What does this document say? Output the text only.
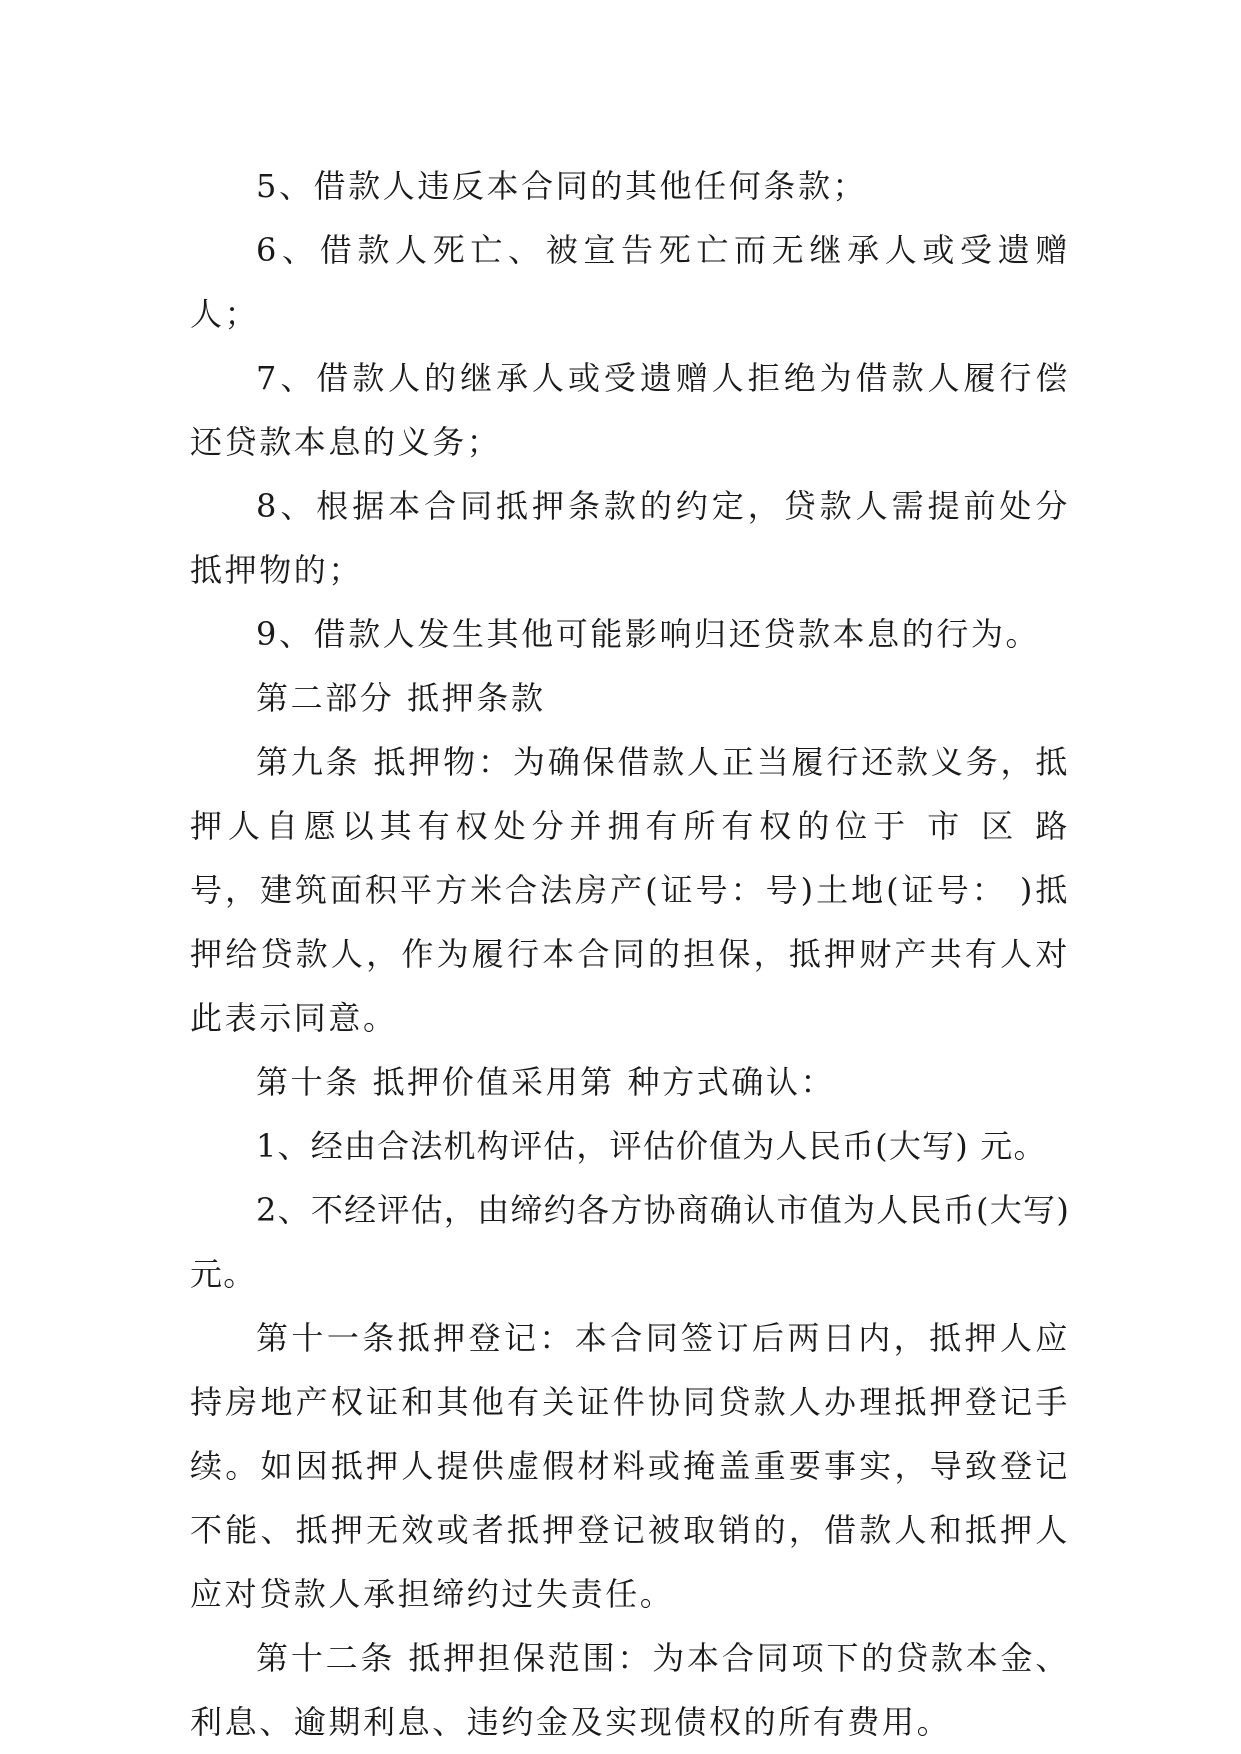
5、借款人违反本合同的其他任何条款；

6、借款人死亡、被宣告死亡而无继承人或受遗赠人；

7、借款人的继承人或受遗赠人拒绝为借款人履行偿还贷款本息的义务；

8、根据本合同抵押条款的约定，贷款人需提前处分抵押物的；

9、借款人发生其他可能影响归还贷款本息的行为。

第二部分 抵押条款

第九条 抵押物：为确保借款人正当履行还款义务，抵押人自愿以其有权处分并拥有所有权的位于 市 区 路 号，建筑面积平方米合法房产(证号：号)土地(证号： )抵押给贷款人，作为履行本合同的担保，抵押财产共有人对此表示同意。

第十条 抵押价值采用第 种方式确认：

1、经由合法机构评估，评估价值为人民币(大写) 元。

2、不经评估，由缔约各方协商确认市值为人民币(大写) 元。

第十一条抵押登记：本合同签订后两日内，抵押人应持房地产权证和其他有关证件协同贷款人办理抵押登记手续。如因抵押人提供虚假材料或掩盖重要事实，导致登记不能、抵押无效或者抵押登记被取销的，借款人和抵押人应对贷款人承担缔约过失责任。

第十二条 抵押担保范围：为本合同项下的贷款本金、利息、逾期利息、违约金及实现债权的所有费用。
